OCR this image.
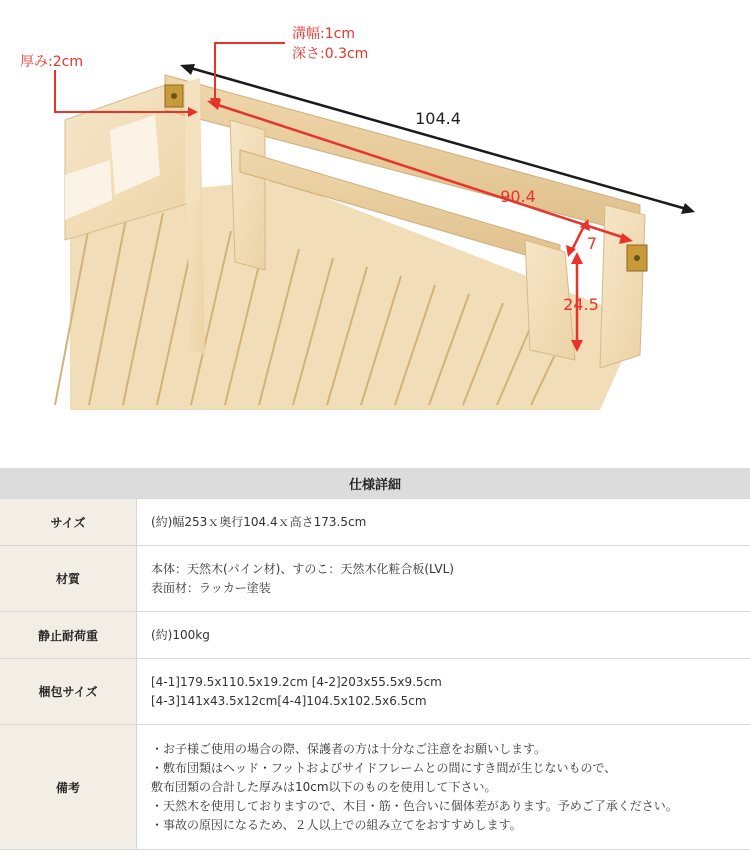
104.4
90.4
7
24.5
厚み:2cm
溝幅:1cm
深さ:0.3cm
仕様詳細	
サイズ	(約)幅253ｘ奥行104.4ｘ高さ173.5cm

材質	本体：天然木(パイン材)、すのこ：天然木化粧合板(LVL)
表面材：ラッカー塗装

静止耐荷重	(約)100kg

梱包サイズ	[4-1]179.5x110.5x19.2cm [4-2]203x55.5x9.5cm
[4-3]141x43.5x12cm[4-4]104.5x102.5x6.5cm

備考	・お子様ご使用の場合の際、保護者の方は十分なご注意をお願いします。
・敷布団類はヘッド・フットおよびサイドフレームとの間にすき間が生じないもので、
敷布団類の合計した厚みは10cm以下のものを使用して下さい。
・天然木を使用しておりますので、木目・筋・色合いに個体差があります。予めご了承ください。
・事故の原因になるため、２人以上での組み立てをおすすめします。
